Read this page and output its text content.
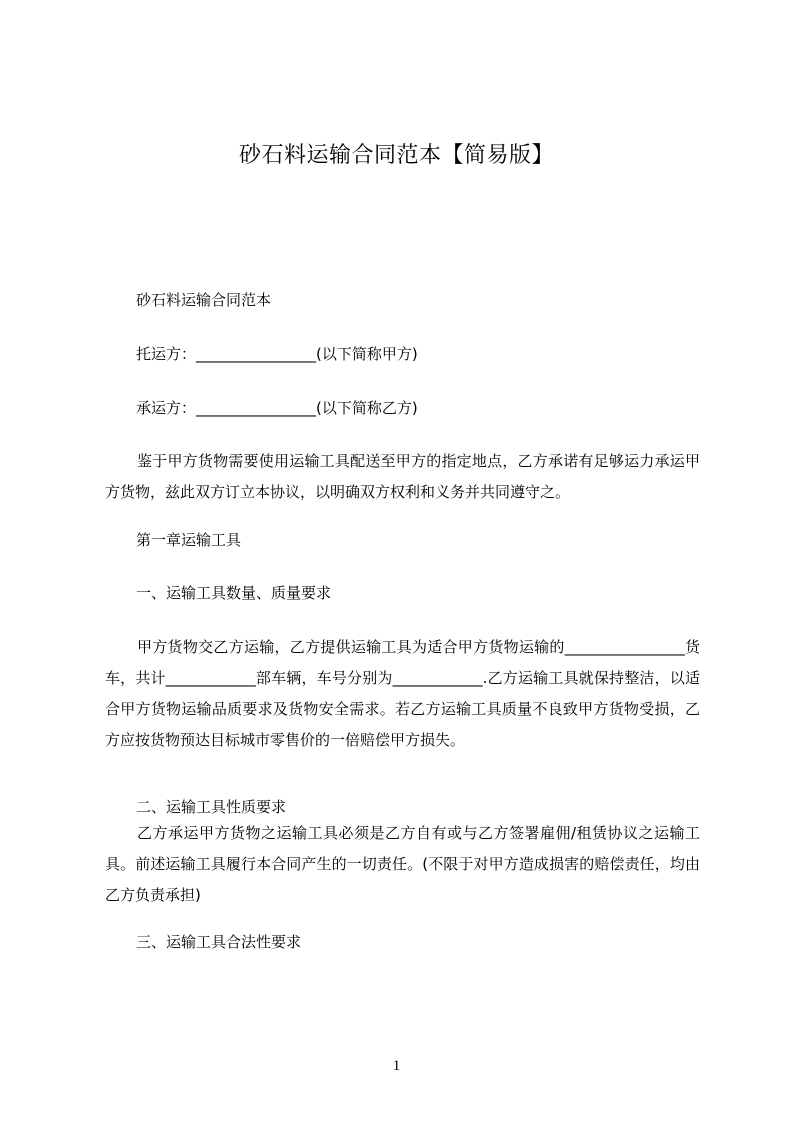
砂石料运输合同范本【简易版】
砂石料运输合同范本
托运方：________________(以下简称甲方)
承运方：________________(以下简称乙方)
鉴于甲方货物需要使用运输工具配送至甲方的指定地点，乙方承诺有足够运力承运甲方货物，兹此双方订立本协议，以明确双方权利和义务并共同遵守之。
第一章运输工具
一、运输工具数量、质量要求
甲方货物交乙方运输，乙方提供运输工具为适合甲方货物运输的________________货车，共计____________部车辆，车号分别为____________.乙方运输工具就保持整洁，以适合甲方货物运输品质要求及货物安全需求。若乙方运输工具质量不良致甲方货物受损，乙方应按货物预达目标城市零售价的一倍赔偿甲方损失。
二、运输工具性质要求
乙方承运甲方货物之运输工具必须是乙方自有或与乙方签署雇佣/租赁协议之运输工具。前述运输工具履行本合同产生的一切责任。(不限于对甲方造成损害的赔偿责任，均由乙方负责承担)
三、运输工具合法性要求
1
